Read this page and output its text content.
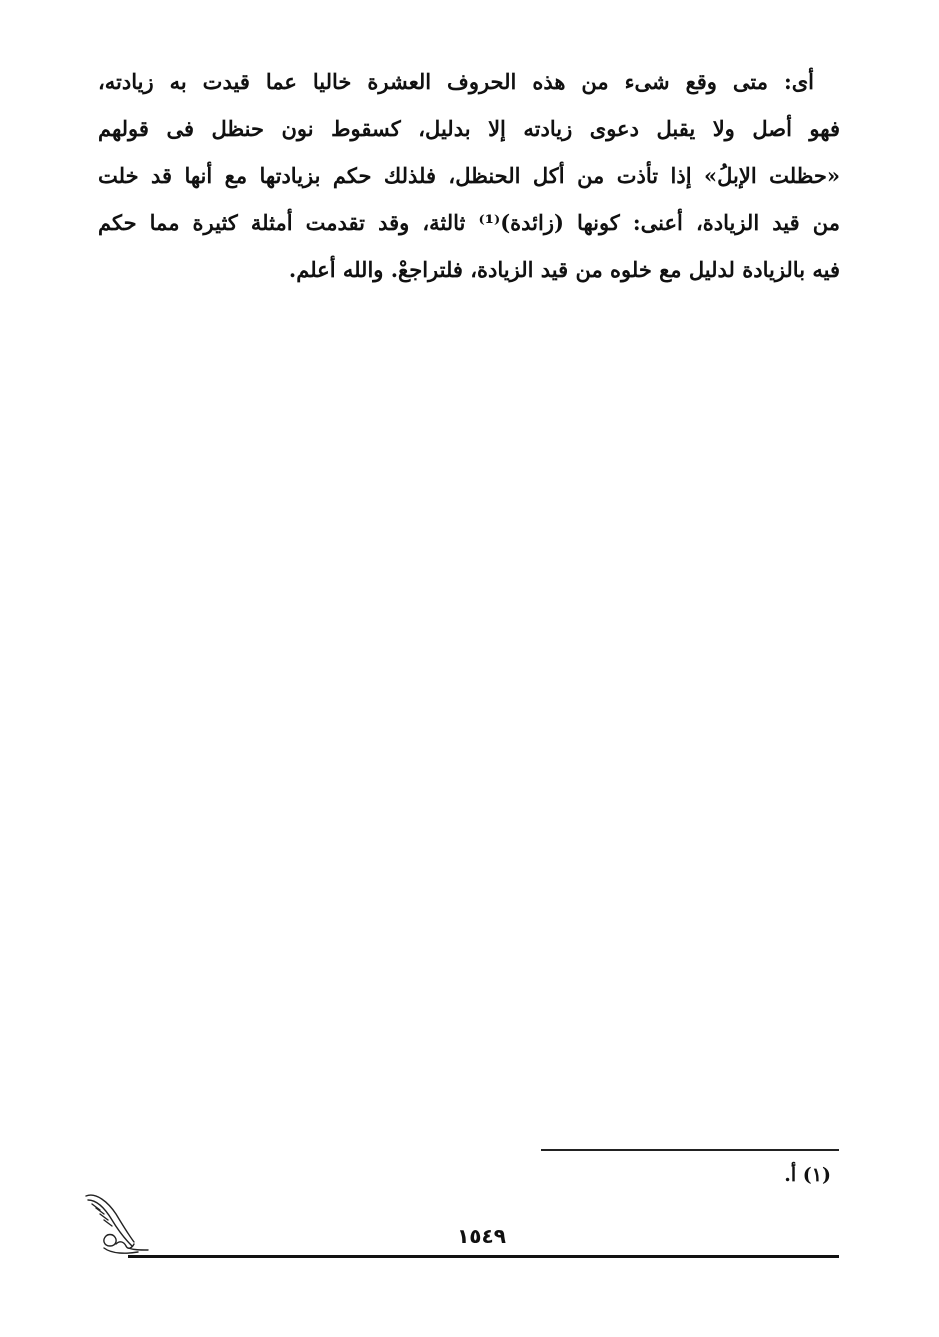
أى: متى وقع شىء من هذه الحروف العشرة خاليا عما قيدت به زيادته،
فهو أصل ولا يقبل دعوى زيادته إلا بدليل، كسقوط نون حنظل فى قولهم
«حظلت الإبلُ» إذا تأذت من أكل الحنظل، فلذلك حكم بزيادتها مع أنها قد خلت
من قيد الزيادة، أعنى: كونها (زائدة)⁽¹⁾ ثالثة، وقد تقدمت أمثلة كثيرة مما حكم
فيه بالزيادة لدليل مع خلوه من قيد الزيادة، فلتراجعْ. والله أعلم.
(١) أ.
١٥٤٩
